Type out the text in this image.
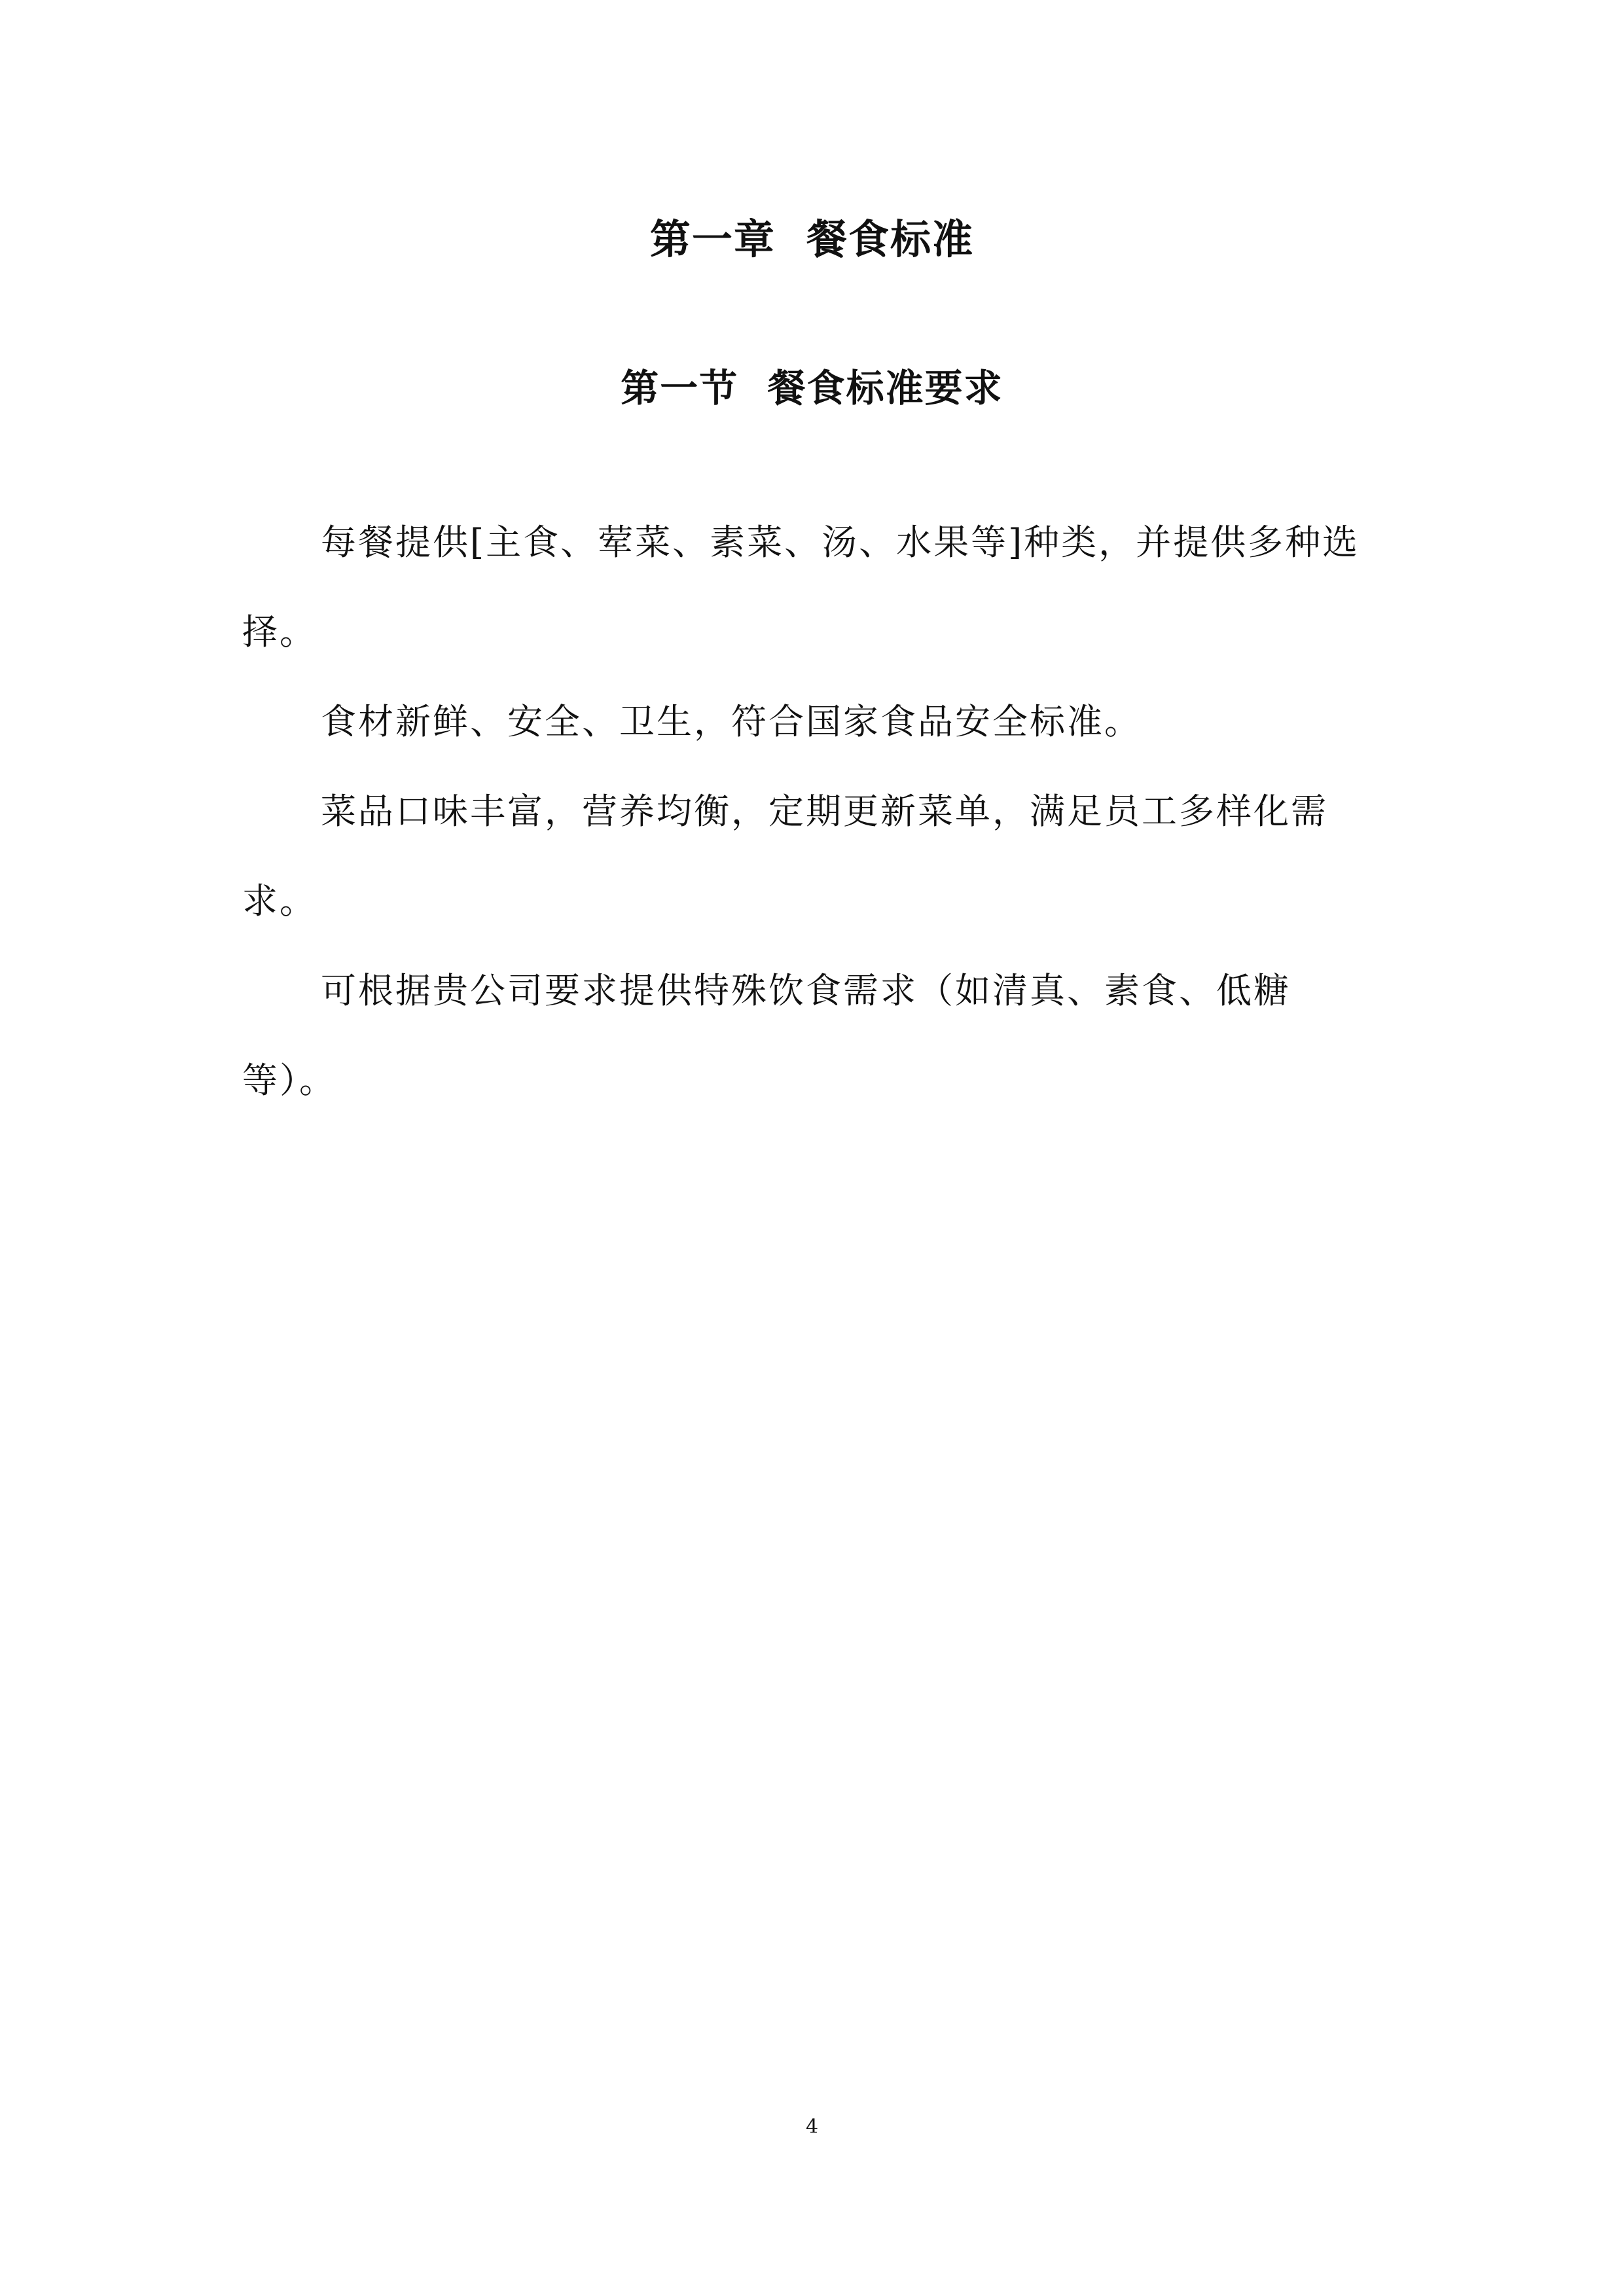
第一章  餐食标准
第一节  餐食标准要求

每餐提供[主食、荤菜、素菜、汤、水果等]种类，并提供多种选择。

食材新鲜、安全、卫生，符合国家食品安全标准。

菜品口味丰富，营养均衡，定期更新菜单，满足员工多样化需求。

可根据贵公司要求提供特殊饮食需求（如清真、素食、低糖等）。

4
